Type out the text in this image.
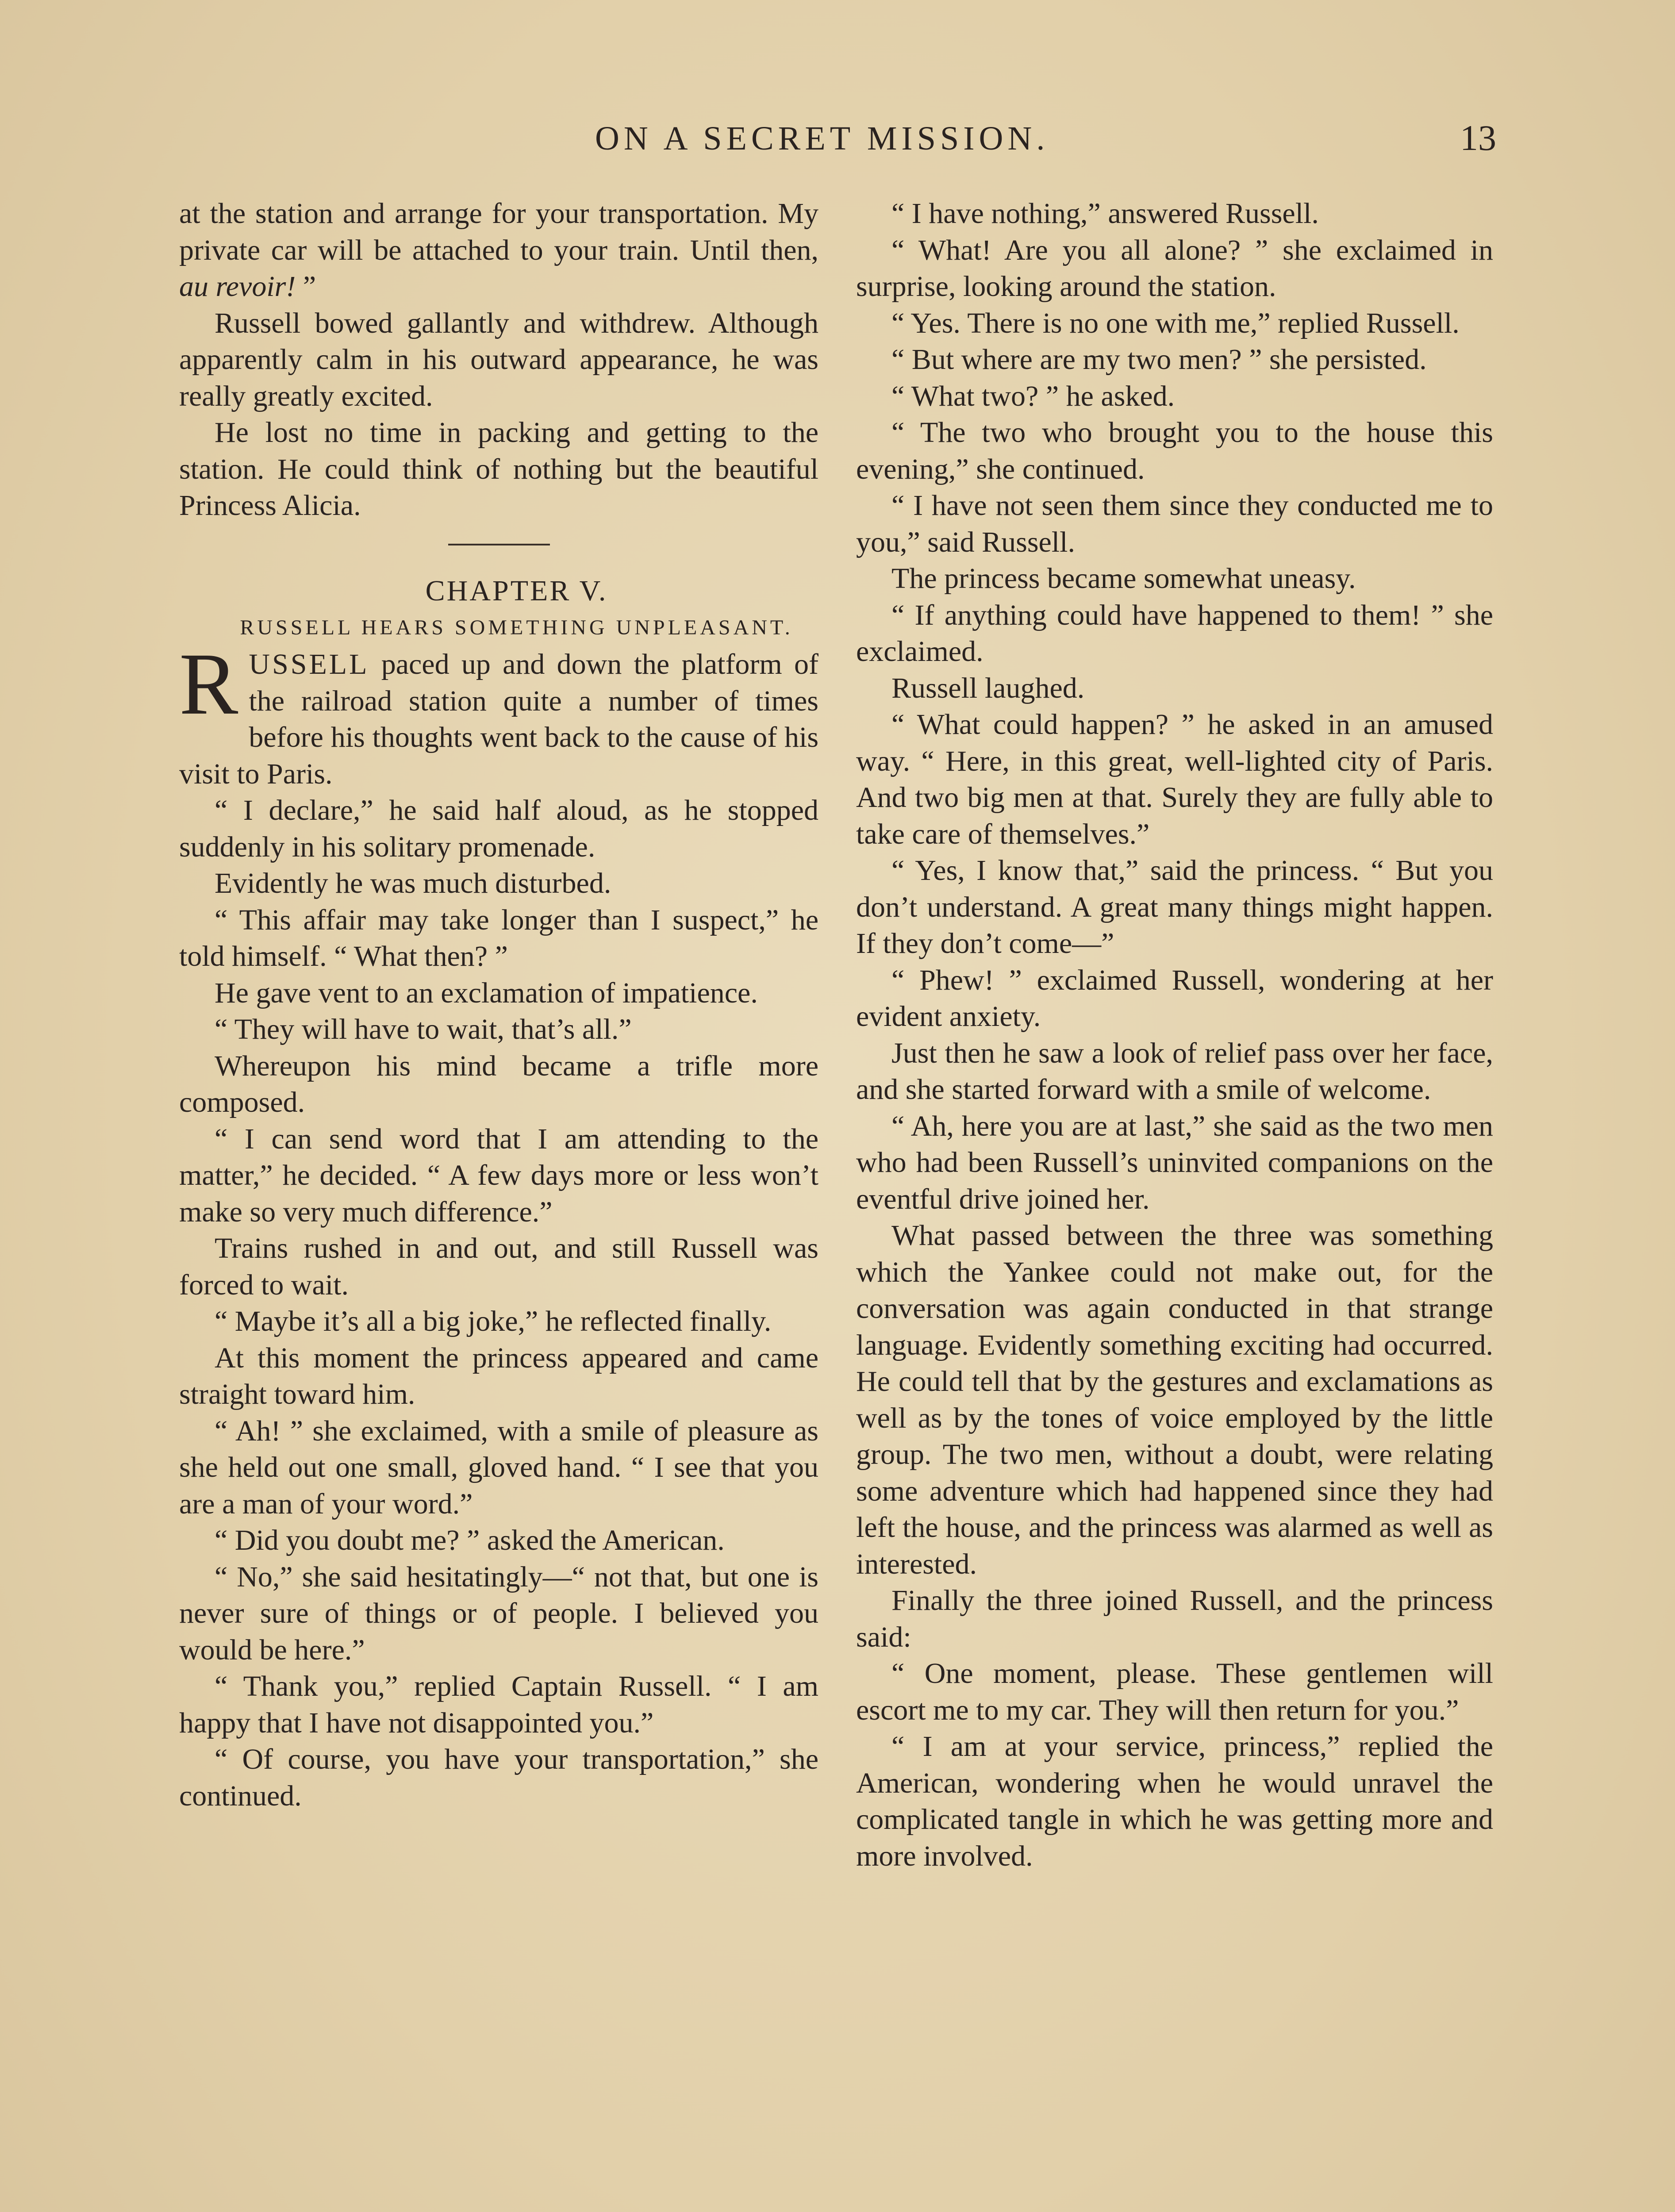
ON A SECRET MISSION.	13

at the station and arrange for your transportation. My private car will be attached to your train. Until then, au revoir! ”

Russell bowed gallantly and withdrew. Although apparently calm in his outward appearance, he was really greatly excited.

He lost no time in packing and getting to the station. He could think of nothing but the beautiful Princess Alicia.

CHAPTER V.

RUSSELL HEARS SOMETHING UNPLEASANT.

RUSSELL paced up and down the platform of the railroad station quite a number of times before his thoughts went back to the cause of his visit to Paris.

“ I declare,” he said half aloud, as he stopped suddenly in his solitary promenade.

Evidently he was much disturbed.

“ This affair may take longer than I suspect,” he told himself. “ What then? ”

He gave vent to an exclamation of impatience.

“ They will have to wait, that’s all.”

Whereupon his mind became a trifle more composed.

“ I can send word that I am attending to the matter,” he decided. “ A few days more or less won’t make so very much difference.”

Trains rushed in and out, and still Russell was forced to wait.

“ Maybe it’s all a big joke,” he reflected finally.

At this moment the princess appeared and came straight toward him.

“ Ah! ” she exclaimed, with a smile of pleasure as she held out one small, gloved hand. “ I see that you are a man of your word.”

“ Did you doubt me? ” asked the American.

“ No,” she said hesitatingly—“ not that, but one is never sure of things or of people. I believed you would be here.”

“ Thank you,” replied Captain Russell. “ I am happy that I have not disappointed you.”

“ Of course, you have your transportation,” she continued.

“ I have nothing,” answered Russell.

“ What! Are you all alone? ” she exclaimed in surprise, looking around the station.

“ Yes. There is no one with me,” replied Russell.

“ But where are my two men? ” she persisted.

“ What two? ” he asked.

“ The two who brought you to the house this evening,” she continued.

“ I have not seen them since they conducted me to you,” said Russell.

The princess became somewhat uneasy.

“ If anything could have happened to them! ” she exclaimed.

Russell laughed.

“ What could happen? ” he asked in an amused way. “ Here, in this great, well-lighted city of Paris. And two big men at that. Surely they are fully able to take care of themselves.”

“ Yes, I know that,” said the princess. “ But you don’t understand. A great many things might happen. If they don’t come—”

“ Phew! ” exclaimed Russell, wondering at her evident anxiety.

Just then he saw a look of relief pass over her face, and she started forward with a smile of welcome.

“ Ah, here you are at last,” she said as the two men who had been Russell’s uninvited companions on the eventful drive joined her.

What passed between the three was something which the Yankee could not make out, for the conversation was again conducted in that strange language. Evidently something exciting had occurred. He could tell that by the gestures and exclamations as well as by the tones of voice employed by the little group. The two men, without a doubt, were relating some adventure which had happened since they had left the house, and the princess was alarmed as well as interested.

Finally the three joined Russell, and the princess said:

“ One moment, please. These gentlemen will escort me to my car. They will then return for you.”

“ I am at your service, princess,” replied the American, wondering when he would unravel the complicated tangle in which he was getting more and more involved.
